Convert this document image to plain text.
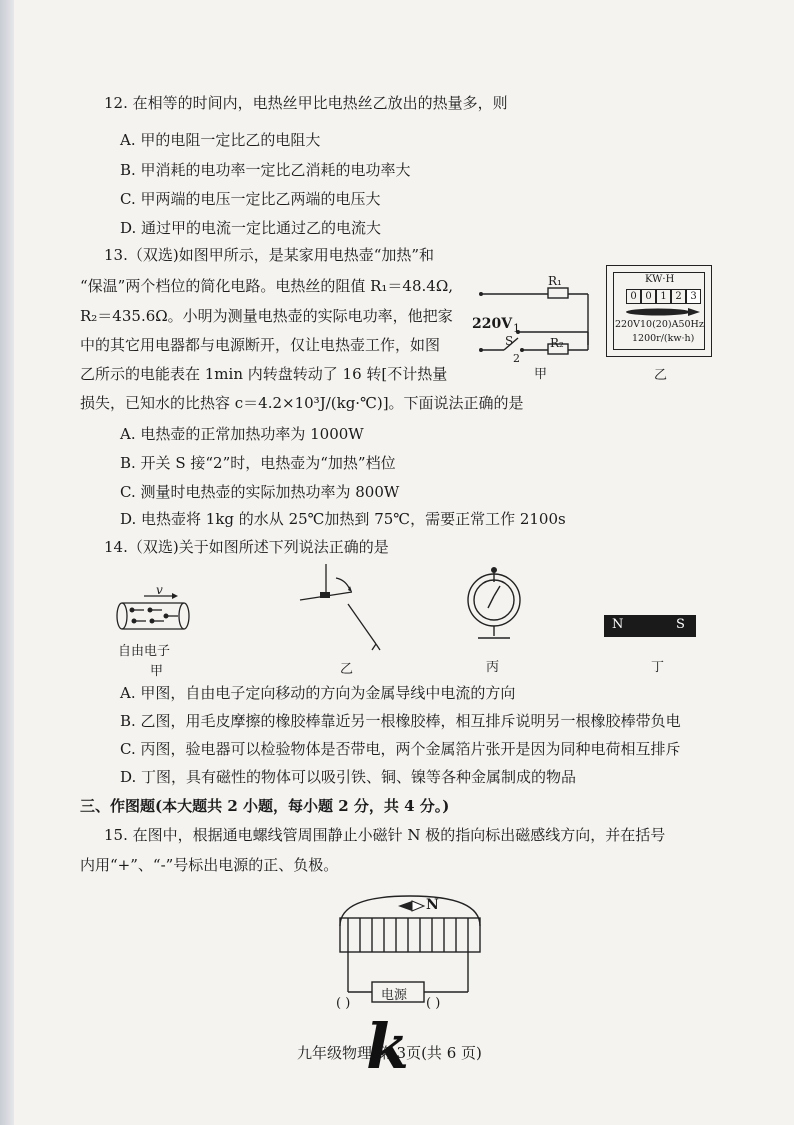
12. 在相等的时间内，电热丝甲比电热丝乙放出的热量多，则
A. 甲的电阻一定比乙的电阻大
B. 甲消耗的电功率一定比乙消耗的电功率大
C. 甲两端的电压一定比乙两端的电压大
D. 通过甲的电流一定比通过乙的电流大
13.（双选)如图甲所示，是某家用电热壶“加热”和
“保温”两个档位的简化电路。电热丝的阻值 R₁＝48.4Ω,
R₂＝435.6Ω。小明为测量电热壶的实际电功率，他把家
中的其它用电器都与电源断开，仅让电热壶工作，如图
乙所示的电能表在 1min 内转盘转动了 16 转[不计热量
损失，已知水的比热容 c＝4.2×10³J/(kg·℃)]。下面说法正确的是
A. 电热壶的正常加热功率为 1000W
B. 开关 S 接“2”时，电热壶为“加热”档位
C. 测量时电热壶的实际加热功率为 800W
D. 电热壶将 1kg 的水从 25℃加热到 75℃，需要正常工作 2100s
220V
R₁
R₂
S
1
2
甲
KW·H
0 0 1 2 3
220V10(20)A50Hz
1200r/(kw·h)
乙
14.（双选)关于如图所述下列说法正确的是
v
自由电子
甲	乙	丙
N	S
丁
A. 甲图，自由电子定向移动的方向为金属导线中电流的方向
B. 乙图，用毛皮摩擦的橡胶棒靠近另一根橡胶棒，相互排斥说明另一根橡胶棒带负电
C. 丙图，验电器可以检验物体是否带电，两个金属箔片张开是因为同种电荷相互排斥
D. 丁图，具有磁性的物体可以吸引铁、铜、镍等各种金属制成的物品
三、作图题(本大题共 2 小题，每小题 2 分，共 4 分。)
15. 在图中，根据通电螺线管周围静止小磁针 N 极的指向标出磁感线方向，并在括号
内用“+”、“-”号标出电源的正、负极。
N
电源
( )	( )
九年级物理 第 3页(共 6 页)
k
